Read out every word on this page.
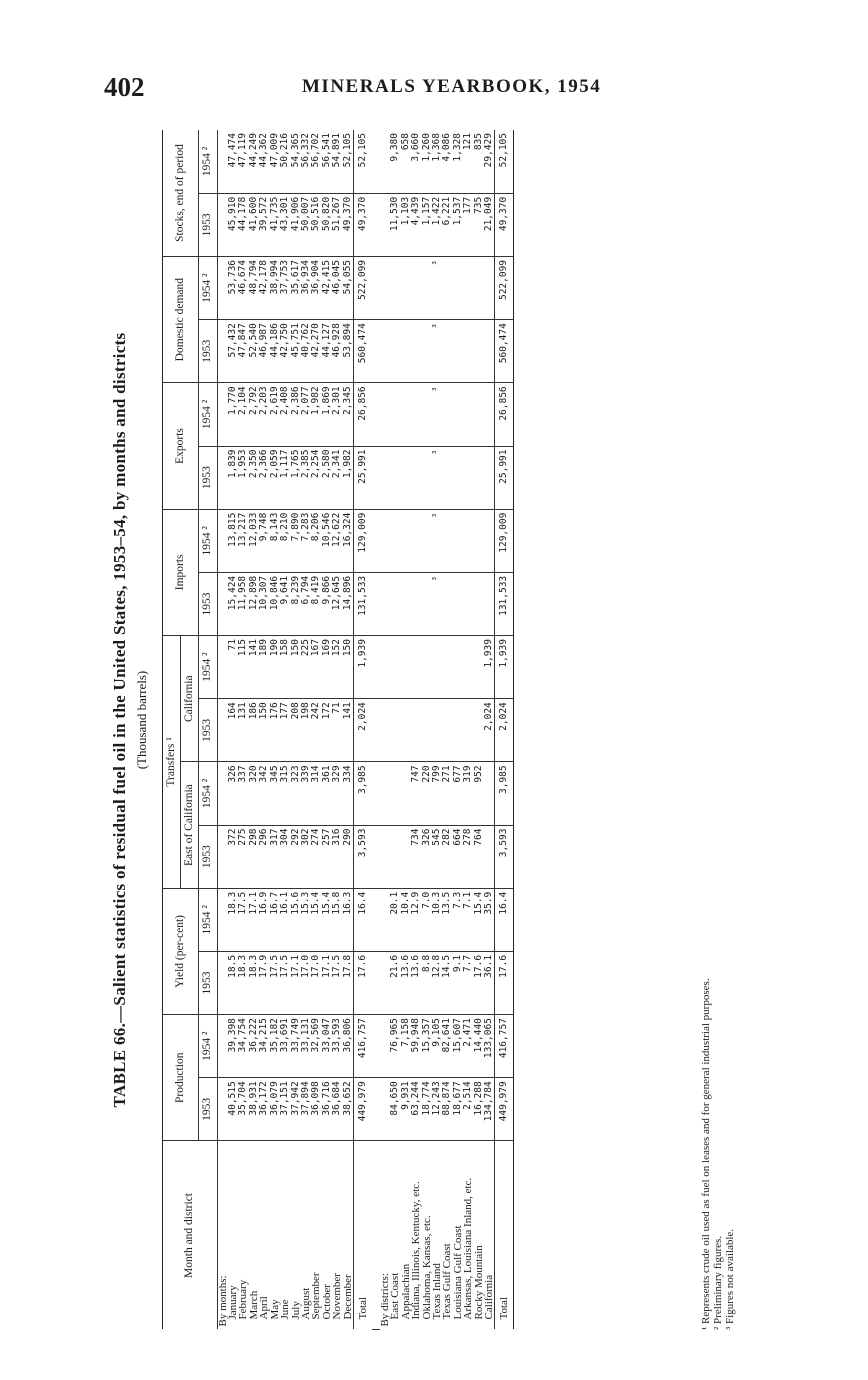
402	MINERALS YEARBOOK, 1954
TABLE 66.—Salient statistics of residual fuel oil in the United States, 1953–54, by months and districts (Thousand barrels)
Month and district	Production		Yield (per-cent)		Transfers ¹				Imports		Exports		Domestic demand		Stocks, end of period	
					East of California		California									
	1953	1954 ²	1953	1954 ²	1953	1954 ²	1953	1954 ²	1953	1954 ²	1953	1954 ²	1953	1954 ²	1953	1954 ²
By months:																
January	40,515	39,398	18.5	18.3	372	326	164	71	15,424	13,815	1,839	1,770	57,432	53,736	45,910	47,474
February	35,704	34,754	18.3	17.5	275	337	131	115	11,958	13,217	1,953	2,104	47,847	46,674	44,178	47,119
March	38,931	36,222	18.3	17.1	298	320	186	141	12,898	12,033	2,350	2,792	52,540	48,794	41,600	44,249
April	36,172	34,215	17.9	16.9	296	342	150	189	10,307	9,748	2,366	2,203	46,987	42,178	39,572	44,362
May	36,079	35,182	17.5	16.7	317	345	176	190	10,846	8,143	2,059	2,619	44,186	38,994	41,735	47,009
June	37,151	33,691	17.5	16.1	304	315	177	158	9,641	8,210	1,117	2,408	42,750	37,753	43,301	50,216
July	37,942	33,749	17.1	15.6	292	323	208	150	8,239	7,890	1,765	2,386	45,751	35,617	41,906	54,365
August	37,894	33,131	17.0	15.3	302	339	198	225	6,794	7,283	2,385	2,077	40,762	36,934	50,007	56,332
September	36,098	32,569	17.0	15.4	274	314	242	167	8,419	8,206	2,254	1,982	42,270	36,904	50,516	56,702
October	36,716	33,047	17.1	15.4	257	361	172	169	9,866	10,546	2,580	1,869	44,127	42,415	50,820	56,541
November	36,684	33,593	17.5	15.8	316	329	71	152	12,645	12,622	2,341	2,301	46,928	46,045	51,267	54,891
December	38,652	36,806	17.8	16.3	290	334	141	150	14,896	16,324	1,982	2,345	53,894	54,055	49,370	52,105
Total	449,979	416,757	17.6	16.4	3,593	3,985	2,024	1,939	131,533	129,009	25,991	26,856	560,474	522,099	49,370	52,105

By districts:																
East Coast	84,650	76,965	21.6	20.1											11,530	9,380
Appalachian	9,931	7,158	13.6	10.4											1,103	658
Indiana, Illinois, Kentucky, etc.	63,244	59,948	13.6	12.9	734	747									4,439	3,660
Oklahoma, Kansas, etc.	18,774	15,357	8.8	7.0	326	220									1,157	1,260
Texas Inland	12,243	9,105	12.8	10.3	545	799			³	³	³	³	³	³	1,422	1,368
Texas Gulf Coast	88,874	82,641	14.5	13.5	282	271									6,221	4,086
Louisiana Gulf Coast	18,677	15,607	9.1	7.3	664	677									1,537	1,328
Arkansas, Louisiana Inland, etc.	2,514	2,471	7.7	7.1	278	319									177	121
Rocky Mountain	16,288	14,440	17.6	15.4	764	952									735	835
California	134,784	133,065	36.1	35.9			2,024	1,939							21,049	29,429
Total	449,979	416,757	17.6	16.4	3,593	3,985	2,024	1,939	131,533	129,009	25,991	26,856	560,474	522,099	49,370	52,105
¹ Represents crude oil used as fuel on leases and for general industrial purposes. ² Preliminary figures. ³ Figures not available.
